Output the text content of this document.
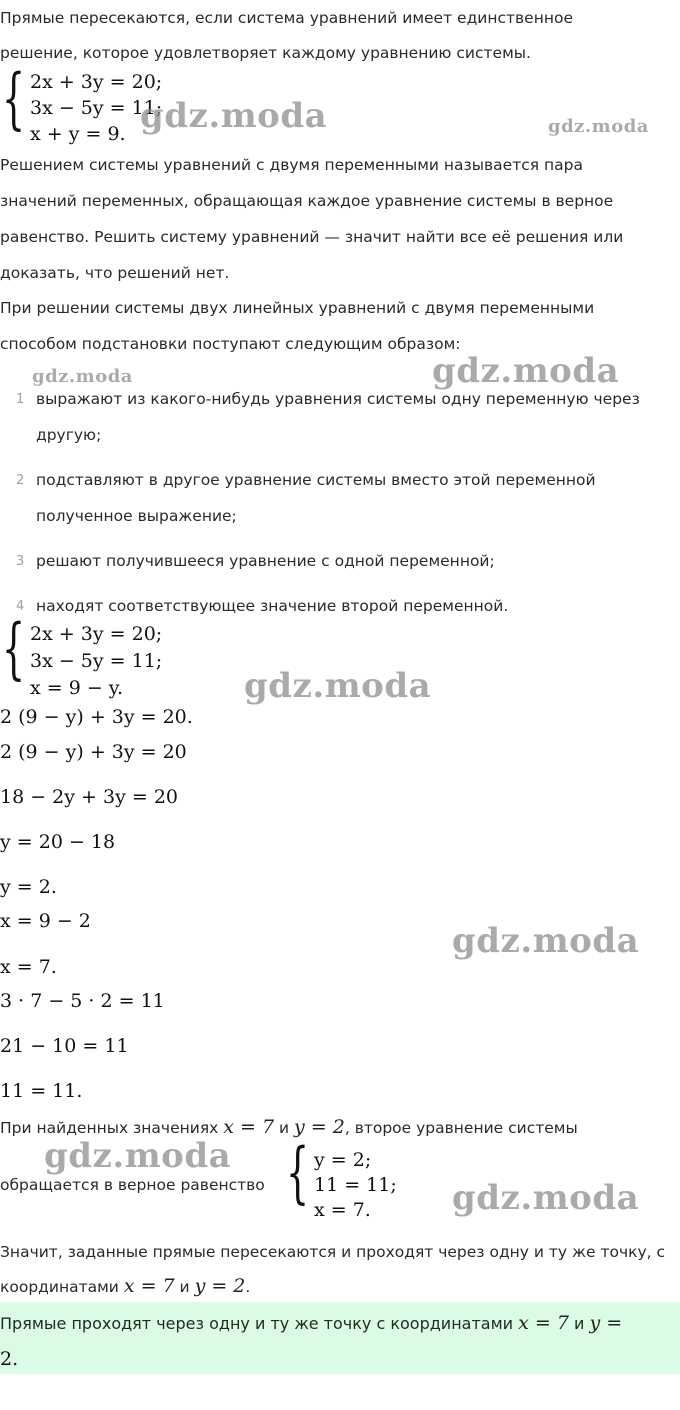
Прямые пересекаются, если система уравнений имеет единственное
решение, которое удовлетворяет каждому уравнению системы.
{ 2x + 3y = 20;
3x − 5y = 11;
x + y = 9.
Решением системы уравнений с двумя переменными называется пара
значений переменных, обращающая каждое уравнение системы в верное
равенство. Решить систему уравнений — значит найти все её решения или
доказать, что решений нет.
При решении системы двух линейных уравнений с двумя переменными
способом подстановки поступают следующим образом:
1 выражают из какого-нибудь уравнения системы одну переменную через
другую;
2 подставляют в другое уравнение системы вместо этой переменной
полученное выражение;
3 решают получившееся уравнение с одной переменной;
4 находят соответствующее значение второй переменной.
{ 2x + 3y = 20;
3x − 5y = 11;
x = 9 − y.
2 (9 − y) + 3y = 20.
2 (9 − y) + 3y = 20
18 − 2y + 3y = 20
y = 20 − 18
y = 2.
x = 9 − 2
x = 7.
3 · 7 − 5 · 2 = 11
21 − 10 = 11
11 = 11.
При найденных значениях x = 7 и y = 2, второе уравнение системы
обращается в верное равенство { y = 2;
11 = 11;
x = 7.
Значит, заданные прямые пересекаются и проходят через одну и ту же точку, с
координатами x = 7 и y = 2.
Прямые проходят через одну и ту же точку с координатами x = 7 и y =
2.
gdz.moda	gdz.moda
gdz.moda	gdz.moda
gdz.moda
gdz.moda
gdz.moda
gdz.moda
